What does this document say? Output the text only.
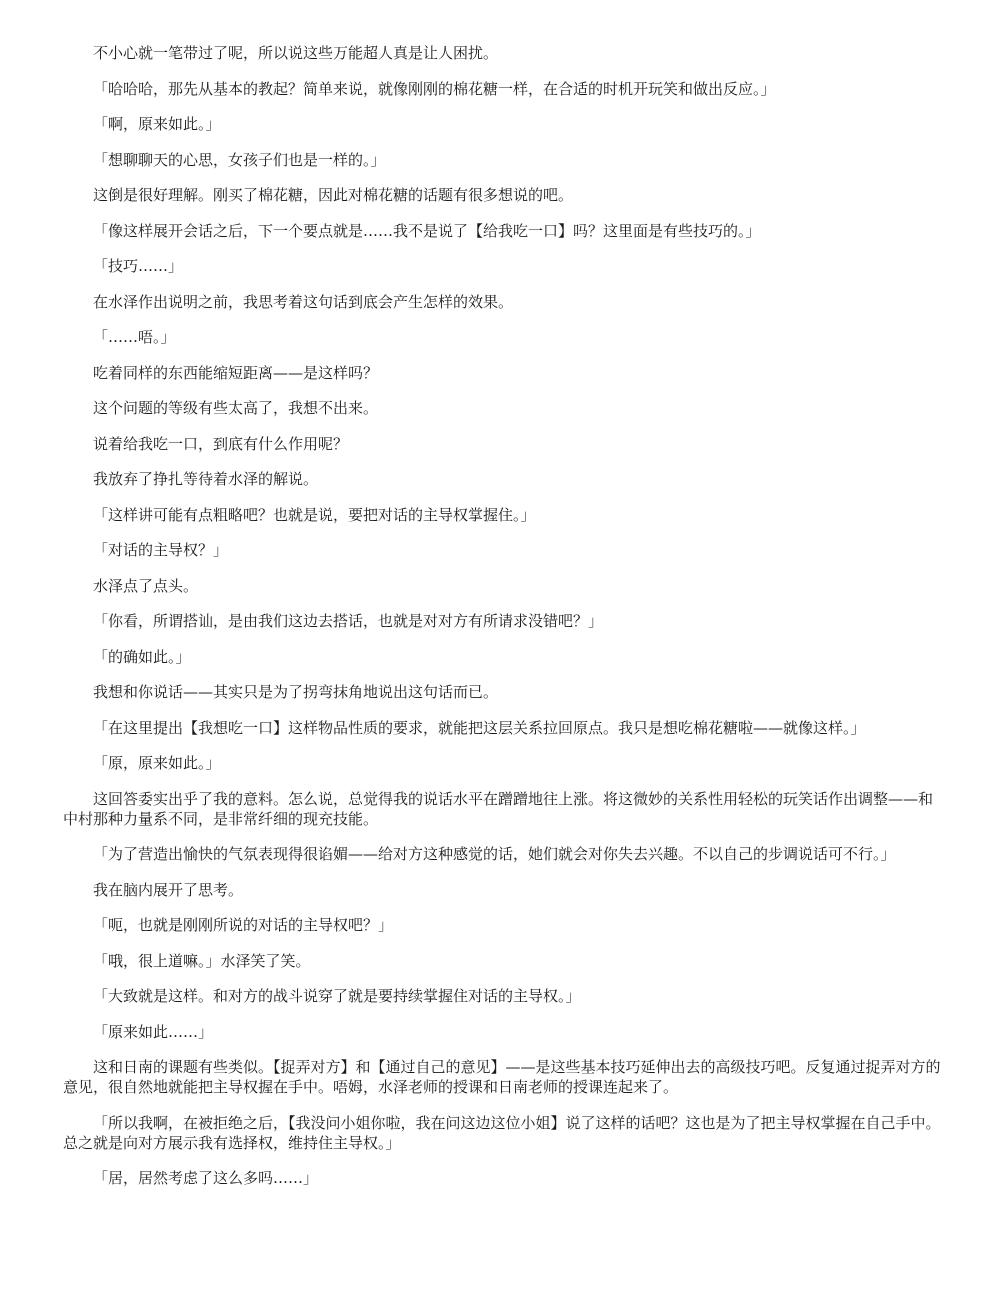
不小心就一笔带过了呢，所以说这些万能超人真是让人困扰。

「哈哈哈，那先从基本的教起？简单来说，就像刚刚的棉花糖一样，在合适的时机开玩笑和做出反应。」

「啊，原来如此。」

「想聊聊天的心思，女孩子们也是一样的。」

这倒是很好理解。刚买了棉花糖，因此对棉花糖的话题有很多想说的吧。

「像这样展开会话之后，下一个要点就是……我不是说了【给我吃一口】吗？这里面是有些技巧的。」

「技巧……」

在水泽作出说明之前，我思考着这句话到底会产生怎样的效果。

「……唔。」

吃着同样的东西能缩短距离——是这样吗？

这个问题的等级有些太高了，我想不出来。

说着给我吃一口，到底有什么作用呢？

我放弃了挣扎等待着水泽的解说。

「这样讲可能有点粗略吧？也就是说，要把对话的主导权掌握住。」

「对话的主导权？」

水泽点了点头。

「你看，所谓搭讪，是由我们这边去搭话，也就是对对方有所请求没错吧？」

「的确如此。」

我想和你说话——其实只是为了拐弯抹角地说出这句话而已。

「在这里提出【我想吃一口】这样物品性质的要求，就能把这层关系拉回原点。我只是想吃棉花糖啦——就像这样。」

「原，原来如此。」

这回答委实出乎了我的意料。怎么说，总觉得我的说话水平在蹭蹭地往上涨。将这微妙的关系性用轻松的玩笑话作出调整——和中村那种力量系不同，是非常纤细的现充技能。

「为了营造出愉快的气氛表现得很谄媚——给对方这种感觉的话，她们就会对你失去兴趣。不以自己的步调说话可不行。」

我在脑内展开了思考。

「呃，也就是刚刚所说的对话的主导权吧？」

「哦，很上道嘛。」水泽笑了笑。

「大致就是这样。和对方的战斗说穿了就是要持续掌握住对话的主导权。」

「原来如此……」

这和日南的课题有些类似。【捉弄对方】和【通过自己的意见】——是这些基本技巧延伸出去的高级技巧吧。反复通过捉弄对方的意见，很自然地就能把主导权握在手中。唔姆，水泽老师的授课和日南老师的授课连起来了。

「所以我啊，在被拒绝之后，【我没问小姐你啦，我在问这边这位小姐】说了这样的话吧？这也是为了把主导权掌握在自己手中。总之就是向对方展示我有选择权，维持住主导权。」

「居，居然考虑了这么多吗……」
